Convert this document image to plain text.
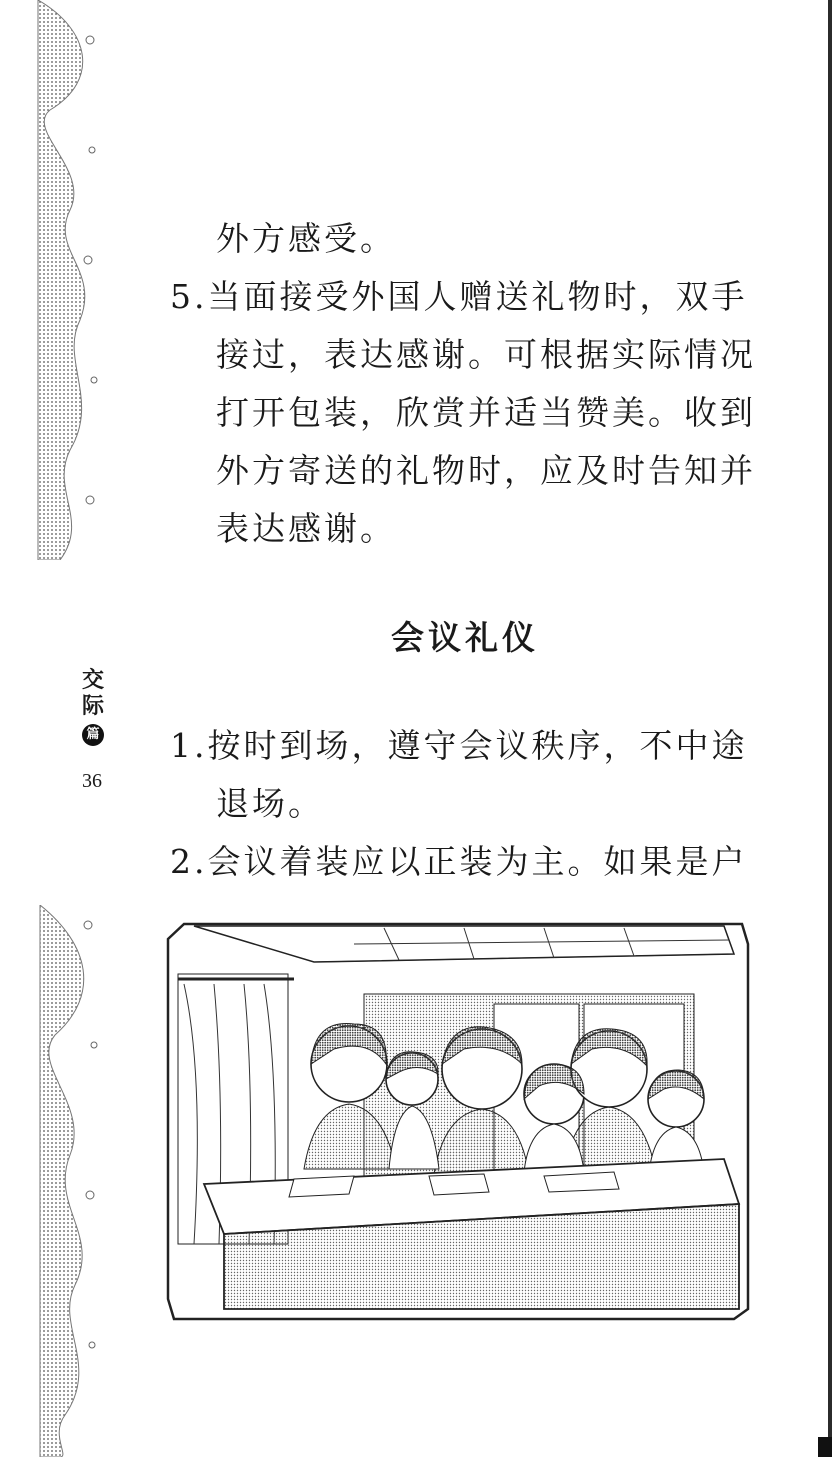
交
际
篇
36
外方感受。
5.当面接受外国人赠送礼物时，双手
接过，表达感谢。可根据实际情况
打开包装，欣赏并适当赞美。收到
外方寄送的礼物时，应及时告知并
表达感谢。
会议礼仪
1.按时到场，遵守会议秩序，不中途
退场。
2.会议着装应以正装为主。如果是户
